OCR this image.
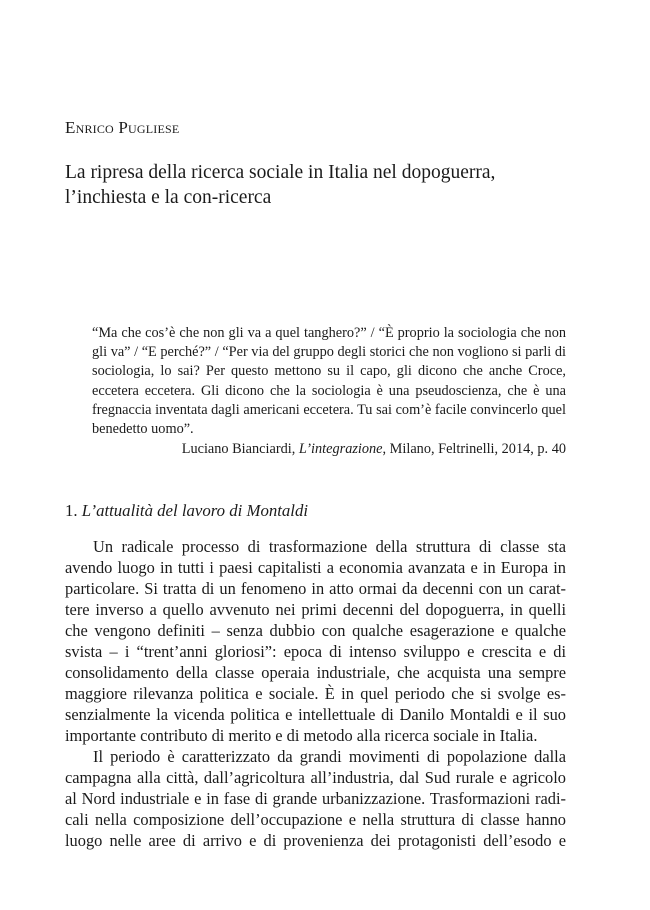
Enrico Pugliese
La ripresa della ricerca sociale in Italia nel dopoguerra,
l’inchiesta e la con-ricerca
“Ma che cos’è che non gli va a quel tanghero?” / “È proprio la sociologia che non gli va” / “E perché?” / “Per via del gruppo degli storici che non vogliono si parli di sociologia, lo sai? Per questo mettono su il capo, gli dicono che anche Croce, eccetera eccetera. Gli dicono che la sociologia è una pseudoscienza, che è una fregnaccia inventata dagli americani eccetera. Tu sai com’è facile convincerlo quel benedetto uomo”.
Luciano Bianciardi, L’integrazione, Milano, Feltrinelli, 2014, p. 40
1. L’attualità del lavoro di Montaldi

Un radicale processo di trasformazione della struttura di classe sta avendo luogo in tutti i paesi capitalisti a economia avanzata e in Europa in particolare. Si tratta di un fenomeno in atto ormai da decenni con un carattere inverso a quello avvenuto nei primi decenni del dopoguerra, in quelli che vengono definiti – senza dubbio con qualche esagerazione e qualche svista – i “trent’anni gloriosi”: epoca di intenso sviluppo e crescita e di consolidamento della classe operaia industriale, che acquista una sempre maggiore rilevanza politica e sociale. È in quel periodo che si svolge essenzialmente la vicenda politica e intellettuale di Danilo Montaldi e il suo importante contributo di merito e di metodo alla ricerca sociale in Italia.

Il periodo è caratterizzato da grandi movimenti di popolazione dalla campagna alla città, dall’agricoltura all’industria, dal Sud rurale e agricolo al Nord industriale e in fase di grande urbanizzazione. Trasformazioni radicali nella composizione dell’occupazione e nella struttura di classe hanno luogo nelle aree di arrivo e di provenienza dei protagonisti dell’esodo e
